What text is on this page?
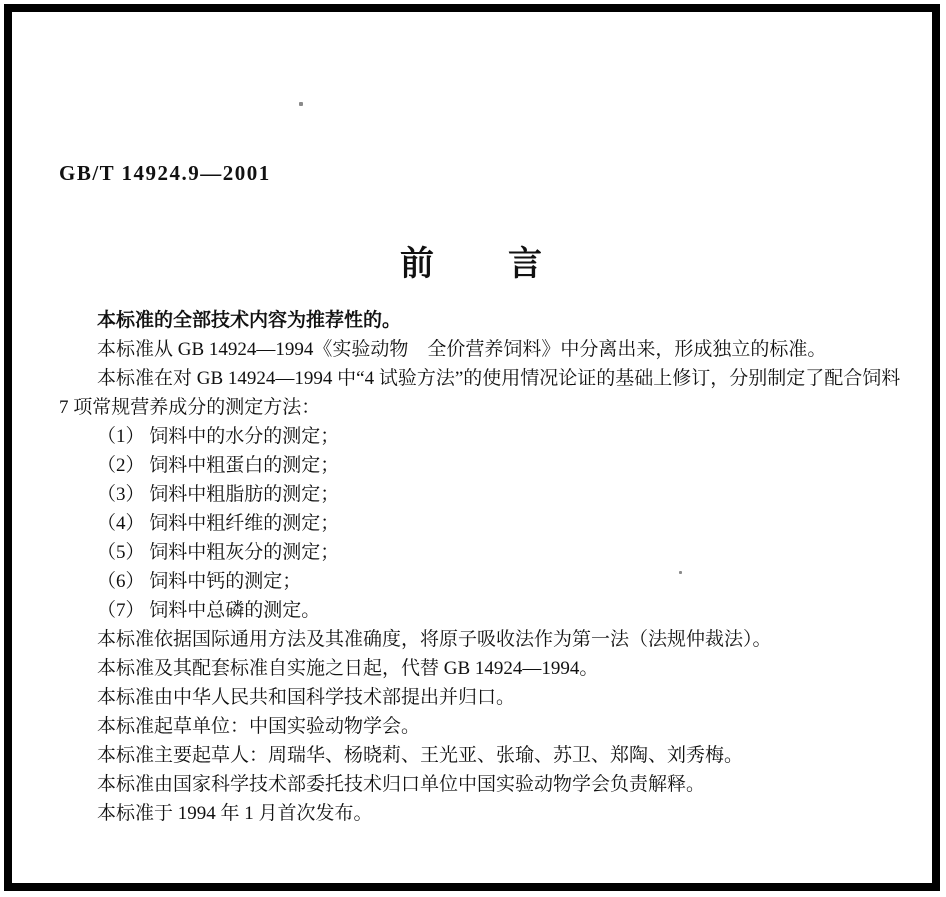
GB/T 14924.9—2001
前　　言
本标准的全部技术内容为推荐性的。
本标准从 GB 14924—1994《实验动物　全价营养饲料》中分离出来，形成独立的标准。
本标准在对 GB 14924—1994 中“4 试验方法”的使用情况论证的基础上修订，分别制定了配合饲料
7 项常规营养成分的测定方法：
（1） 饲料中的水分的测定；
（2） 饲料中粗蛋白的测定；
（3） 饲料中粗脂肪的测定；
（4） 饲料中粗纤维的测定；
（5） 饲料中粗灰分的测定；
（6） 饲料中钙的测定；
（7） 饲料中总磷的测定。
本标准依据国际通用方法及其准确度，将原子吸收法作为第一法（法规仲裁法）。
本标准及其配套标准自实施之日起，代替 GB 14924—1994。
本标准由中华人民共和国科学技术部提出并归口。
本标准起草单位：中国实验动物学会。
本标准主要起草人：周瑞华、杨晓莉、王光亚、张瑜、苏卫、郑陶、刘秀梅。
本标准由国家科学技术部委托技术归口单位中国实验动物学会负责解释。
本标准于 1994 年 1 月首次发布。
